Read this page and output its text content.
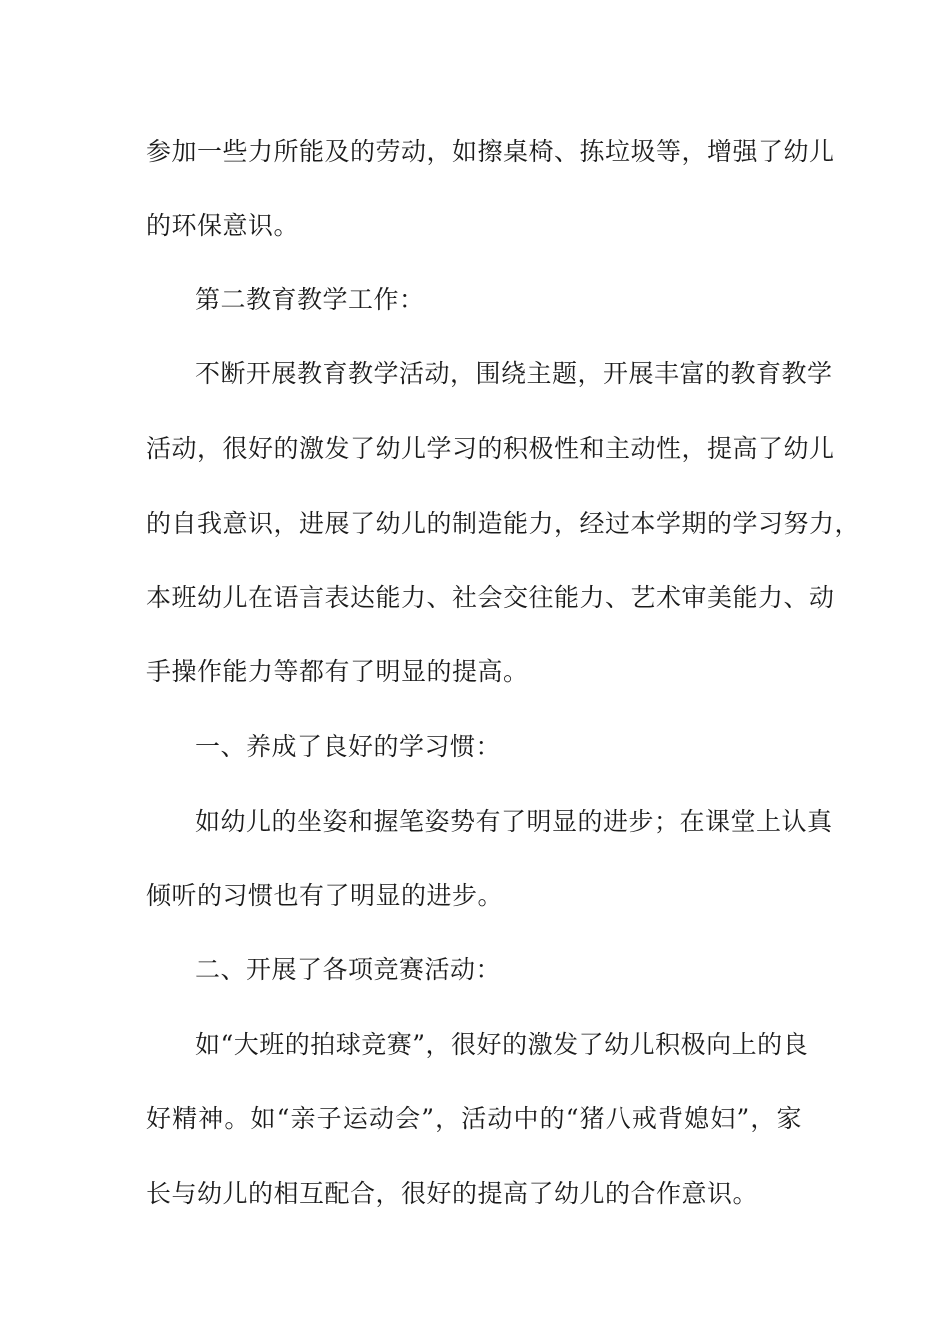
参加一些力所能及的劳动，如擦桌椅、拣垃圾等，增强了幼儿
的环保意识。
第二教育教学工作：
不断开展教育教学活动，围绕主题，开展丰富的教育教学
活动，很好的激发了幼儿学习的积极性和主动性，提高了幼儿
的自我意识，进展了幼儿的制造能力，经过本学期的学习努力，
本班幼儿在语言表达能力、社会交往能力、艺术审美能力、动
手操作能力等都有了明显的提高。
一、养成了良好的学习惯：
如幼儿的坐姿和握笔姿势有了明显的进步；在课堂上认真
倾听的习惯也有了明显的进步。
二、开展了各项竞赛活动：
如“大班的拍球竞赛”，很好的激发了幼儿积极向上的良
好精神。如“亲子运动会”，活动中的“猪八戒背媳妇”，家
长与幼儿的相互配合，很好的提高了幼儿的合作意识。
